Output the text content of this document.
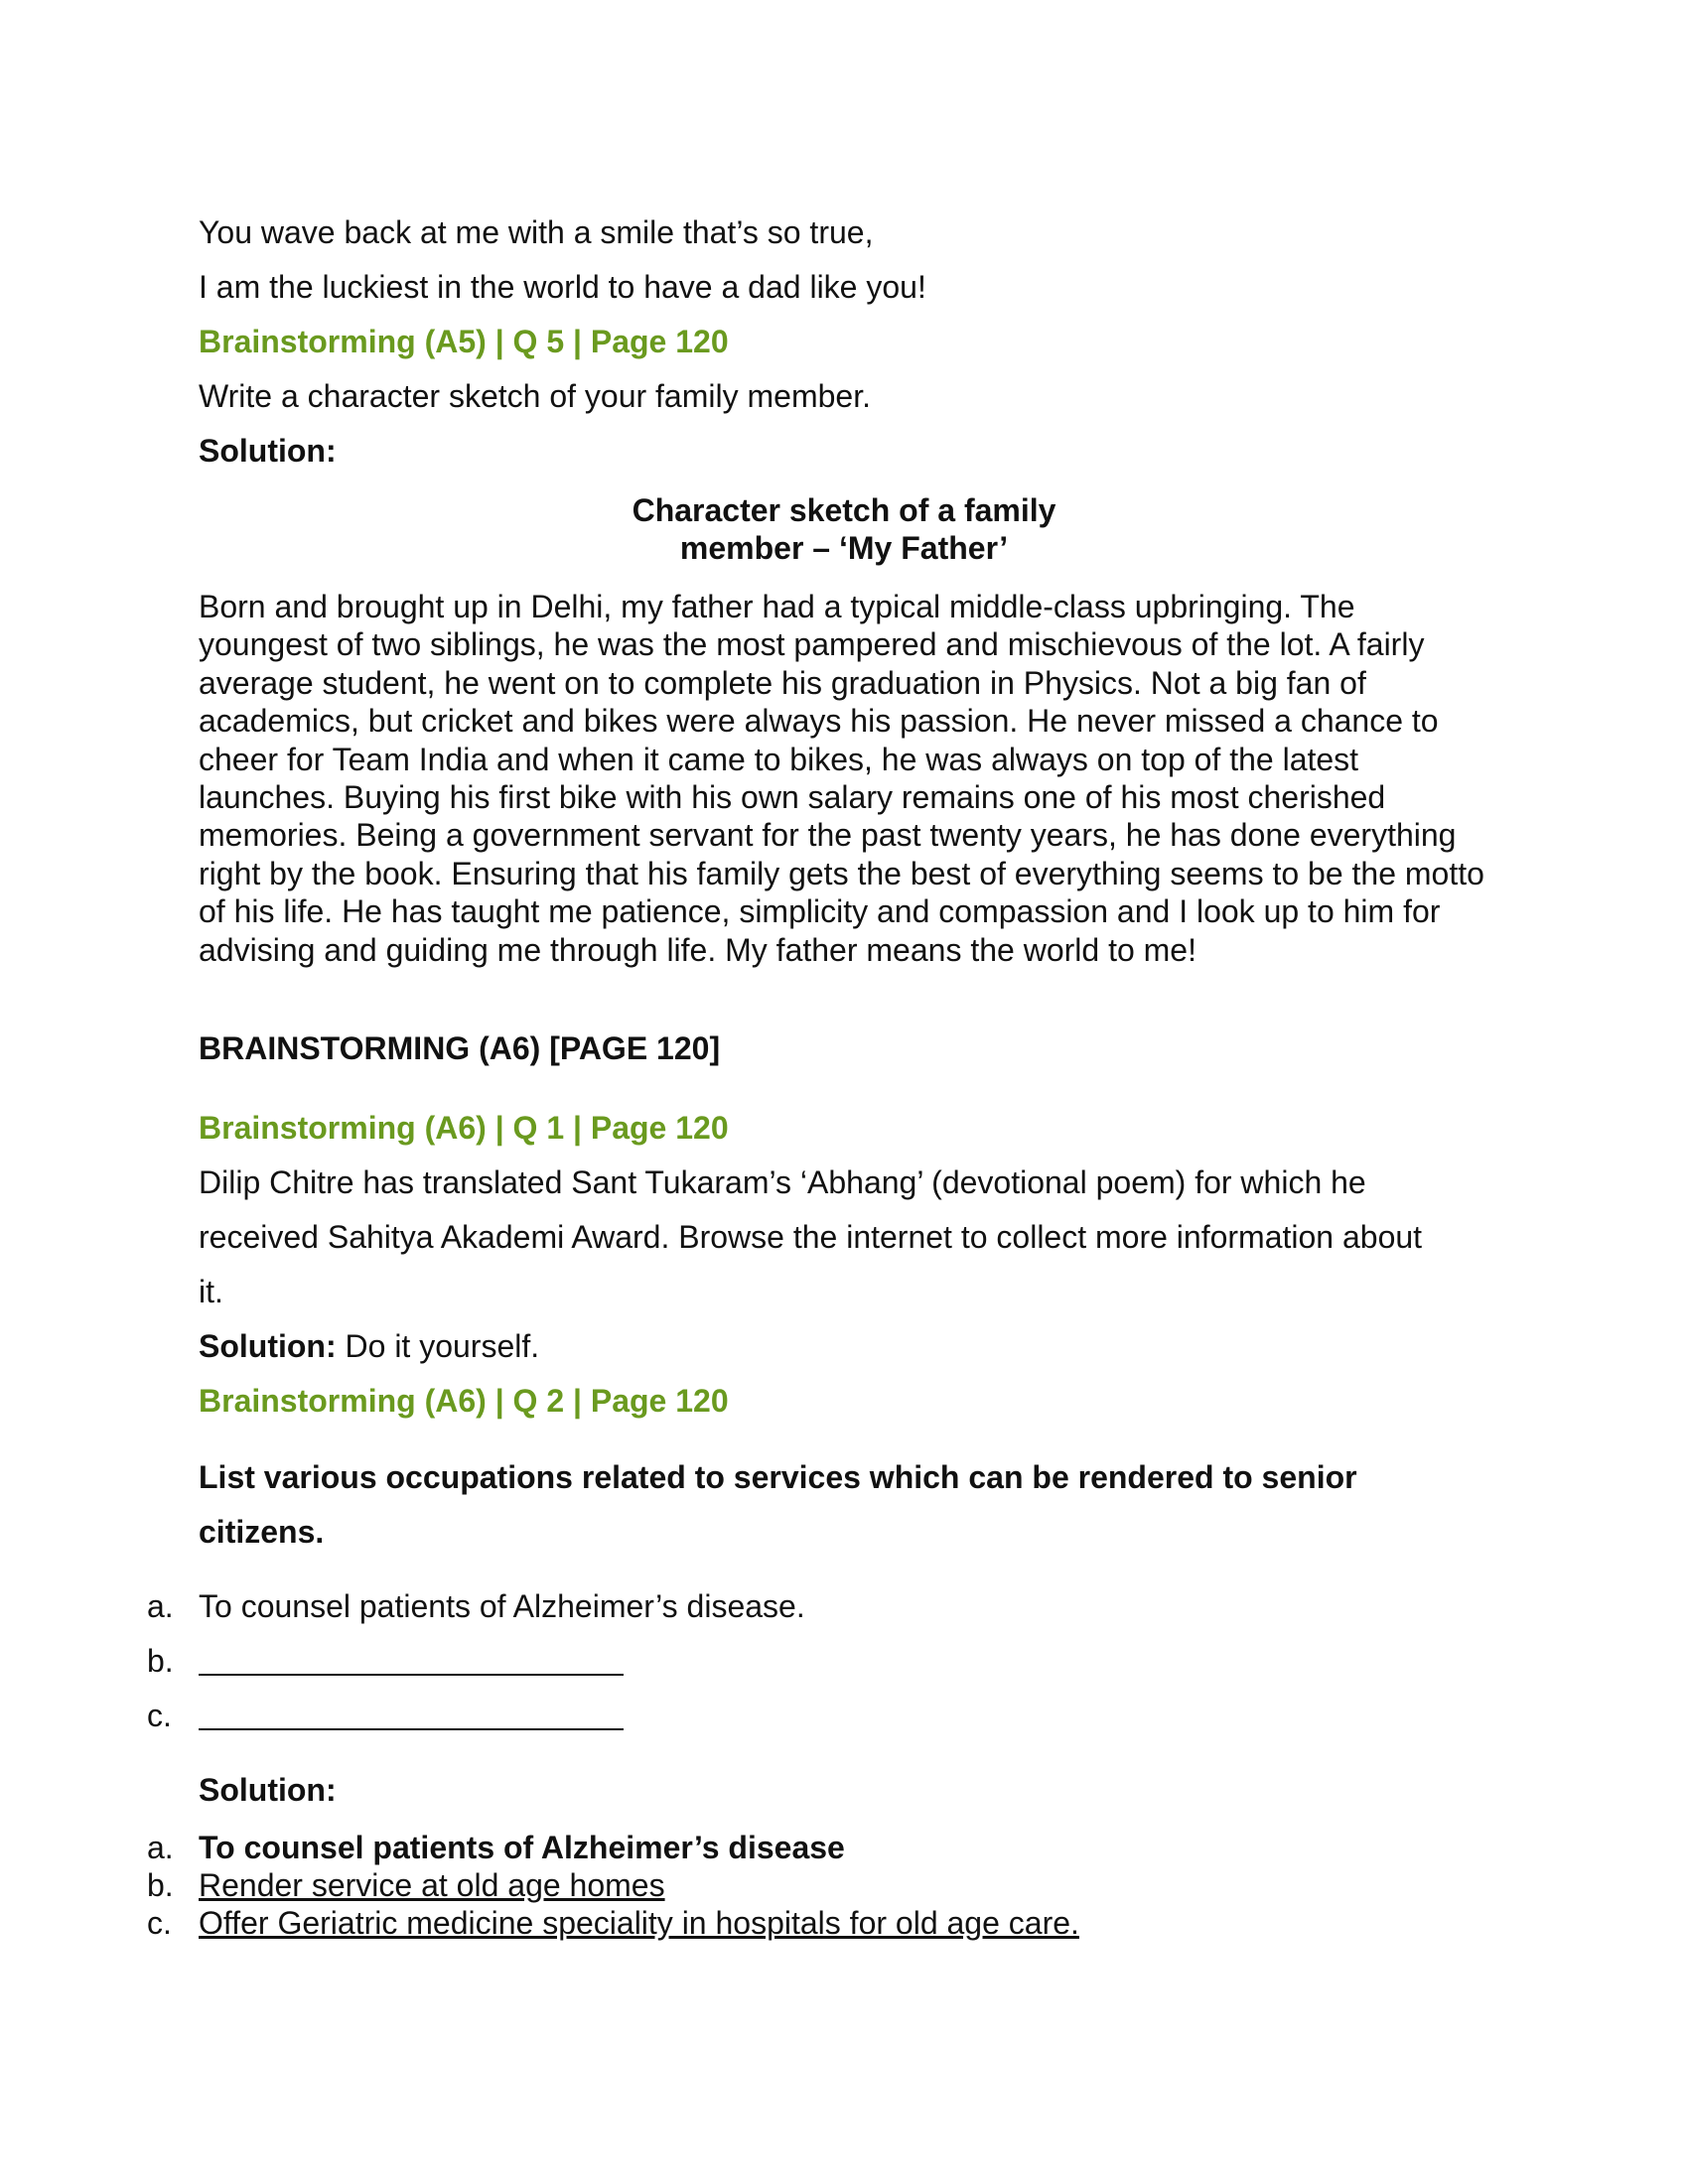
You wave back at me with a smile that’s so true,

I am the luckiest in the world to have a dad like you!

Brainstorming (A5) | Q 5 | Page 120

Write a character sketch of your family member.

Solution:

Character sketch of a family

member – ‘My Father’

Born and brought up in Delhi, my father had a typical middle-class upbringing. The youngest of two siblings, he was the most pampered and mischievous of the lot. A fairly average student, he went on to complete his graduation in Physics. Not a big fan of academics, but cricket and bikes were always his passion. He never missed a chance to cheer for Team India and when it came to bikes, he was always on top of the latest launches. Buying his first bike with his own salary remains one of his most cherished memories. Being a government servant for the past twenty years, he has done everything right by the book. Ensuring that his family gets the best of everything seems to be the motto of his life. He has taught me patience, simplicity and compassion and I look up to him for advising and guiding me through life. My father means the world to me!

BRAINSTORMING (A6) [PAGE 120]

Brainstorming (A6) | Q 1 | Page 120

Dilip Chitre has translated Sant Tukaram’s ‘Abhang’ (devotional poem) for which he

received Sahitya Akademi Award. Browse the internet to collect more information about

it.

Solution: Do it yourself.

Brainstorming (A6) | Q 2 | Page 120

List various occupations related to services which can be rendered to senior

citizens.

a. To counsel patients of Alzheimer’s disease.

b.

c.

Solution:

a. To counsel patients of Alzheimer’s disease

b. Render service at old age homes

c. Offer Geriatric medicine speciality in hospitals for old age care.
